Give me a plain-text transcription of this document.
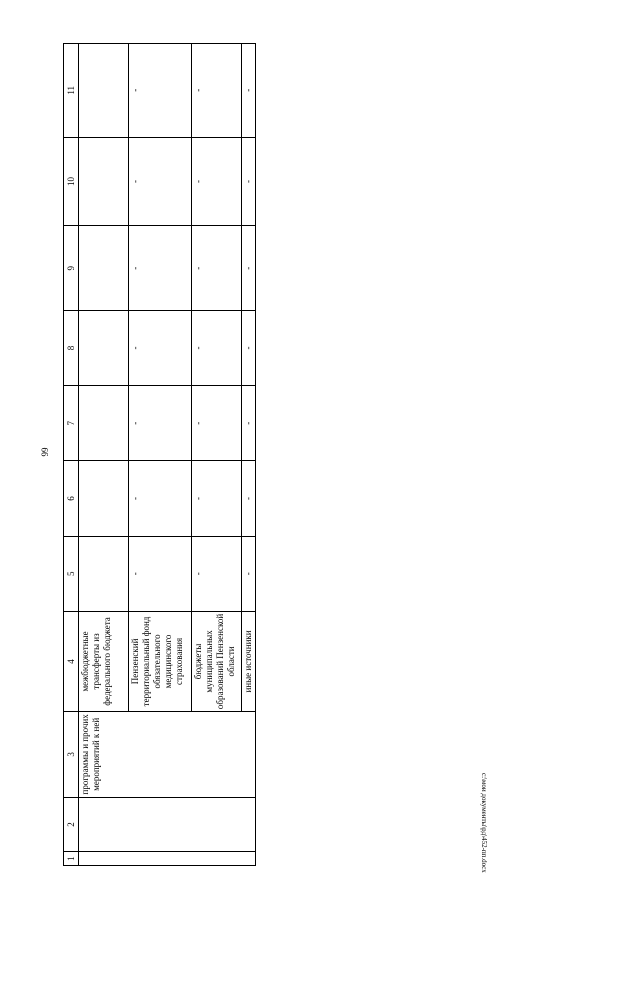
66
1	2	3	4	5	6	7	8	9	10	11
		программы и прочих мероприятий к ней	межбюджетные трансферты из федерального бюджета							
			Пензенский территориальный фонд обязательного медицинского страхования	-	-	-	-	-	-	-
			бюджеты муниципальных образований Пензенской области	-	-	-	-	-	-	-
			иные источники	-	-	-	-	-	-	-
c:\мои документы\рд\452-пп.docx
